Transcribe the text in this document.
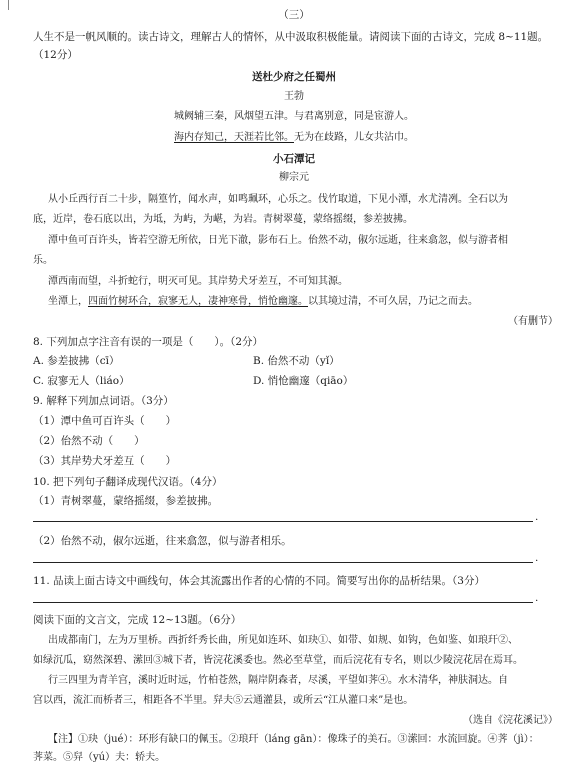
（三）
人生不是一帆风顺的。读古诗文，理解古人的情怀，从中汲取积极能量。请阅读下面的古诗文，完成 8~11题。
（12分）
送杜少府之任蜀州
王勃
城阙辅三秦，风烟望五津。与君离别意，同是宦游人。
海内存知己，天涯若比邻。无为在歧路，儿女共沾巾。
小石潭记
柳宗元
从小丘西行百二十步，隔篁竹，闻水声，如鸣珮环，心乐之。伐竹取道，下见小潭，水尤清冽。全石以为
底，近岸，卷石底以出，为坻，为屿，为嵁，为岩。青树翠蔓，蒙络摇缀，参差披拂。
潭中鱼可百许头，皆若空游无所依，日光下澈，影布石上。佁然不动，俶尔远逝，往来翕忽，似与游者相
乐。
潭西南而望，斗折蛇行，明灭可见。其岸势犬牙差互，不可知其源。
坐潭上，四面竹树环合，寂寥无人，凄神寒骨，悄怆幽邃。以其境过清，不可久居，乃记之而去。
（有删节）
8. 下列加点字注音有误的一项是（　　）。（2分）
A. 参差披拂（cī）	B. 佁然不动（yǐ）
C. 寂寥无人（liáo）	D. 悄怆幽邃（qiāo）
9. 解释下列加点词语。（3分）
（1）潭中鱼可百许头（　　）
（2）佁然不动（　　）
（3）其岸势犬牙差互（　　）
10. 把下列句子翻译成现代汉语。（4分）
（1）青树翠蔓，蒙络摇缀，参差披拂。
.
（2）佁然不动，俶尔远逝，往来翕忽，似与游者相乐。
.
11. 品读上面古诗文中画线句，体会其流露出作者的心情的不同。简要写出你的品析结果。（3分）
.
阅读下面的文言文，完成 12~13题。（6分）
出成都南门，左为万里桥。西折纤秀长曲，所见如连环、如玦①、如带、如规、如钩，色如鉴、如琅玕②、
如绿沉瓜，窈然深碧、潆回③城下者，皆浣花溪委也。然必至草堂，而后浣花有专名，则以少陵浣花居在焉耳。
行三四里为青羊宫，溪时近时远，竹柏苍然，隔岸阴森者，尽溪，平望如荠④。水木清华，神肤洞达。自
宫以西，流汇而桥者三，相距各不半里。舁夫⑤云通灌县，或所云“江从灌口来”是也。
（选自《浣花溪记》）
【注】①玦（jué）：环形有缺口的佩玉。②琅玕（láng gān）：像珠子的美石。③潆回：水流回旋。④荠（jì）：
荠菜。⑤舁（yú）夫：轿夫。
